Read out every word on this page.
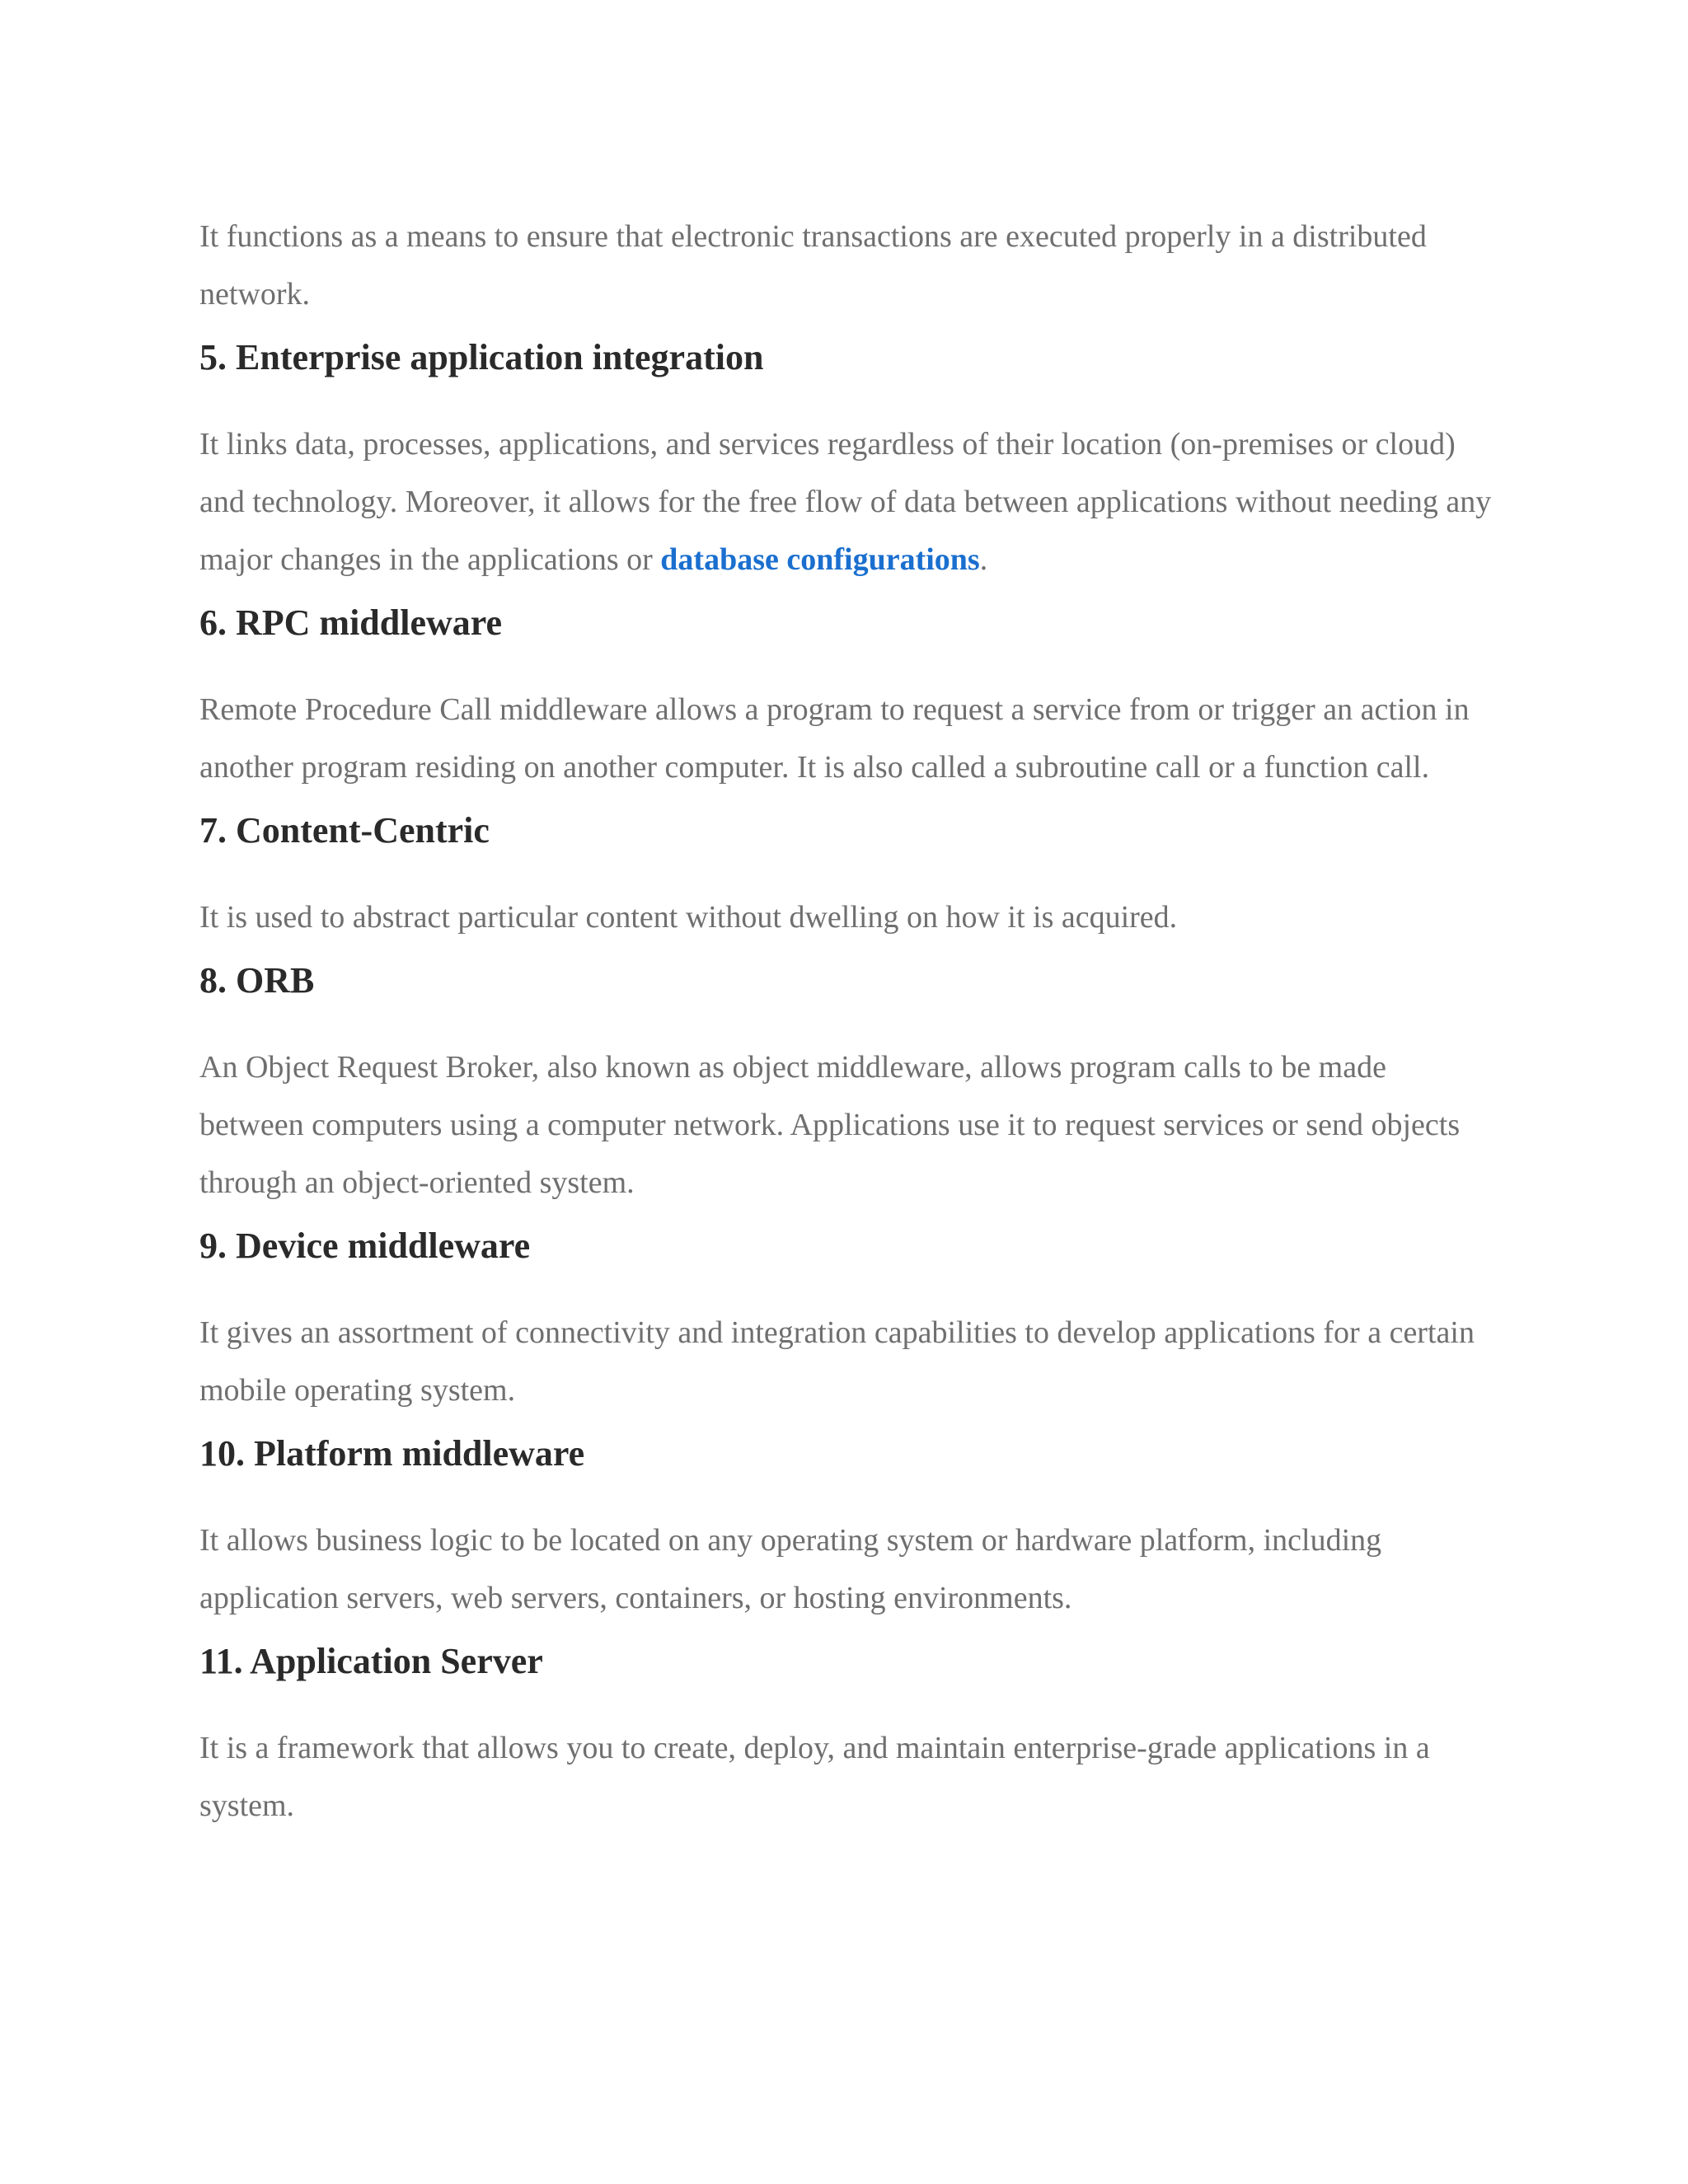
It functions as a means to ensure that electronic transactions are executed properly in a distributed network.

5. Enterprise application integration

It links data, processes, applications, and services regardless of their location (on-premises or cloud) and technology. Moreover, it allows for the free flow of data between applications without needing any major changes in the applications or database configurations.

6. RPC middleware

Remote Procedure Call middleware allows a program to request a service from or trigger an action in another program residing on another computer. It is also called a subroutine call or a function call.

7. Content-Centric

It is used to abstract particular content without dwelling on how it is acquired.

8. ORB

An Object Request Broker, also known as object middleware, allows program calls to be made between computers using a computer network. Applications use it to request services or send objects through an object-oriented system.

9. Device middleware

It gives an assortment of connectivity and integration capabilities to develop applications for a certain mobile operating system.

10. Platform middleware

It allows business logic to be located on any operating system or hardware platform, including application servers, web servers, containers, or hosting environments.

11. Application Server

It is a framework that allows you to create, deploy, and maintain enterprise-grade applications in a system.
